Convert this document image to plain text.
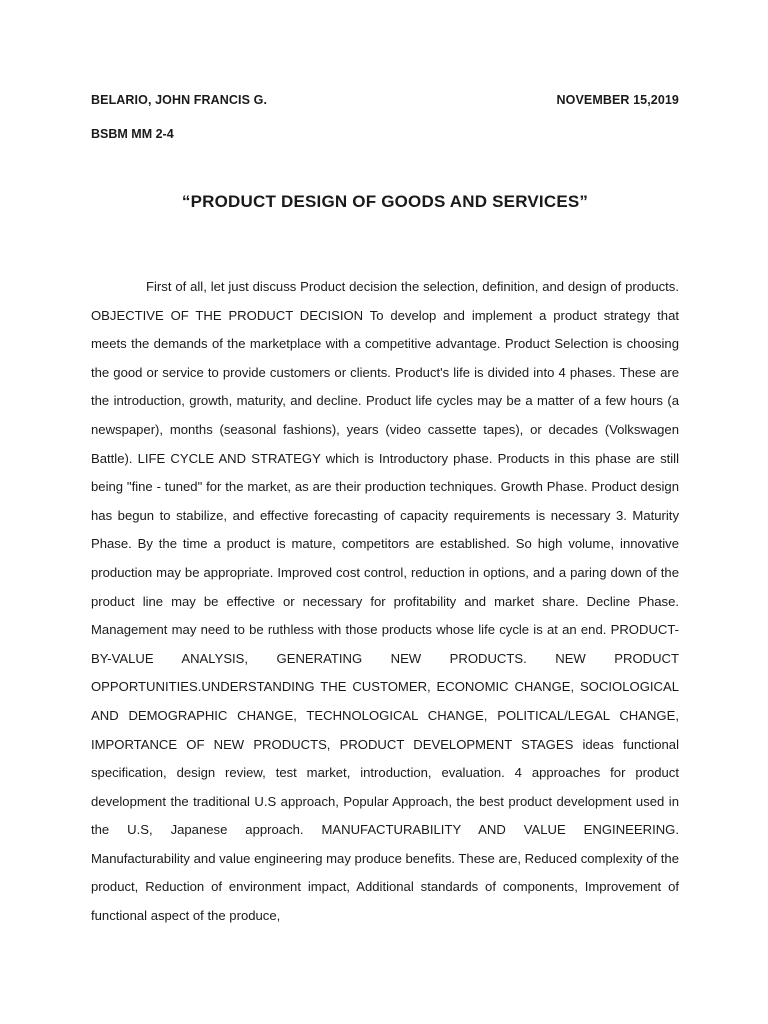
BELARIO, JOHN FRANCIS G.	NOVEMBER 15,2019
BSBM MM 2-4
“PRODUCT DESIGN OF GOODS AND SERVICES”

First of all, let just discuss Product decision the selection, definition, and design of products. OBJECTIVE OF THE PRODUCT DECISION To develop and implement a product strategy that meets the demands of the marketplace with a competitive advantage. Product Selection is choosing the good or service to provide customers or clients. Product's life is divided into 4 phases. These are the introduction, growth, maturity, and decline. Product life cycles may be a matter of a few hours (a newspaper), months (seasonal fashions), years (video cassette tapes), or decades (Volkswagen Battle). LIFE CYCLE AND STRATEGY which is Introductory phase. Products in this phase are still being "fine - tuned" for the market, as are their production techniques. Growth Phase. Product design has begun to stabilize, and effective forecasting of capacity requirements is necessary 3. Maturity Phase. By the time a product is mature, competitors are established. So high volume, innovative production may be appropriate. Improved cost control, reduction in options, and a paring down of the product line may be effective or necessary for profitability and market share. Decline Phase. Management may need to be ruthless with those products whose life cycle is at an end. PRODUCT-BY-VALUE ANALYSIS, GENERATING NEW PRODUCTS. NEW PRODUCT OPPORTUNITIES.UNDERSTANDING THE CUSTOMER, ECONOMIC CHANGE, SOCIOLOGICAL AND DEMOGRAPHIC CHANGE, TECHNOLOGICAL CHANGE, POLITICAL/LEGAL CHANGE, IMPORTANCE OF NEW PRODUCTS, PRODUCT DEVELOPMENT STAGES ideas functional specification, design review, test market, introduction, evaluation. 4 approaches for product development the traditional U.S approach, Popular Approach, the best product development used in the U.S, Japanese approach. MANUFACTURABILITY AND VALUE ENGINEERING. Manufacturability and value engineering may produce benefits. These are, Reduced complexity of the product, Reduction of environment impact, Additional standards of components, Improvement of functional aspect of the produce,
